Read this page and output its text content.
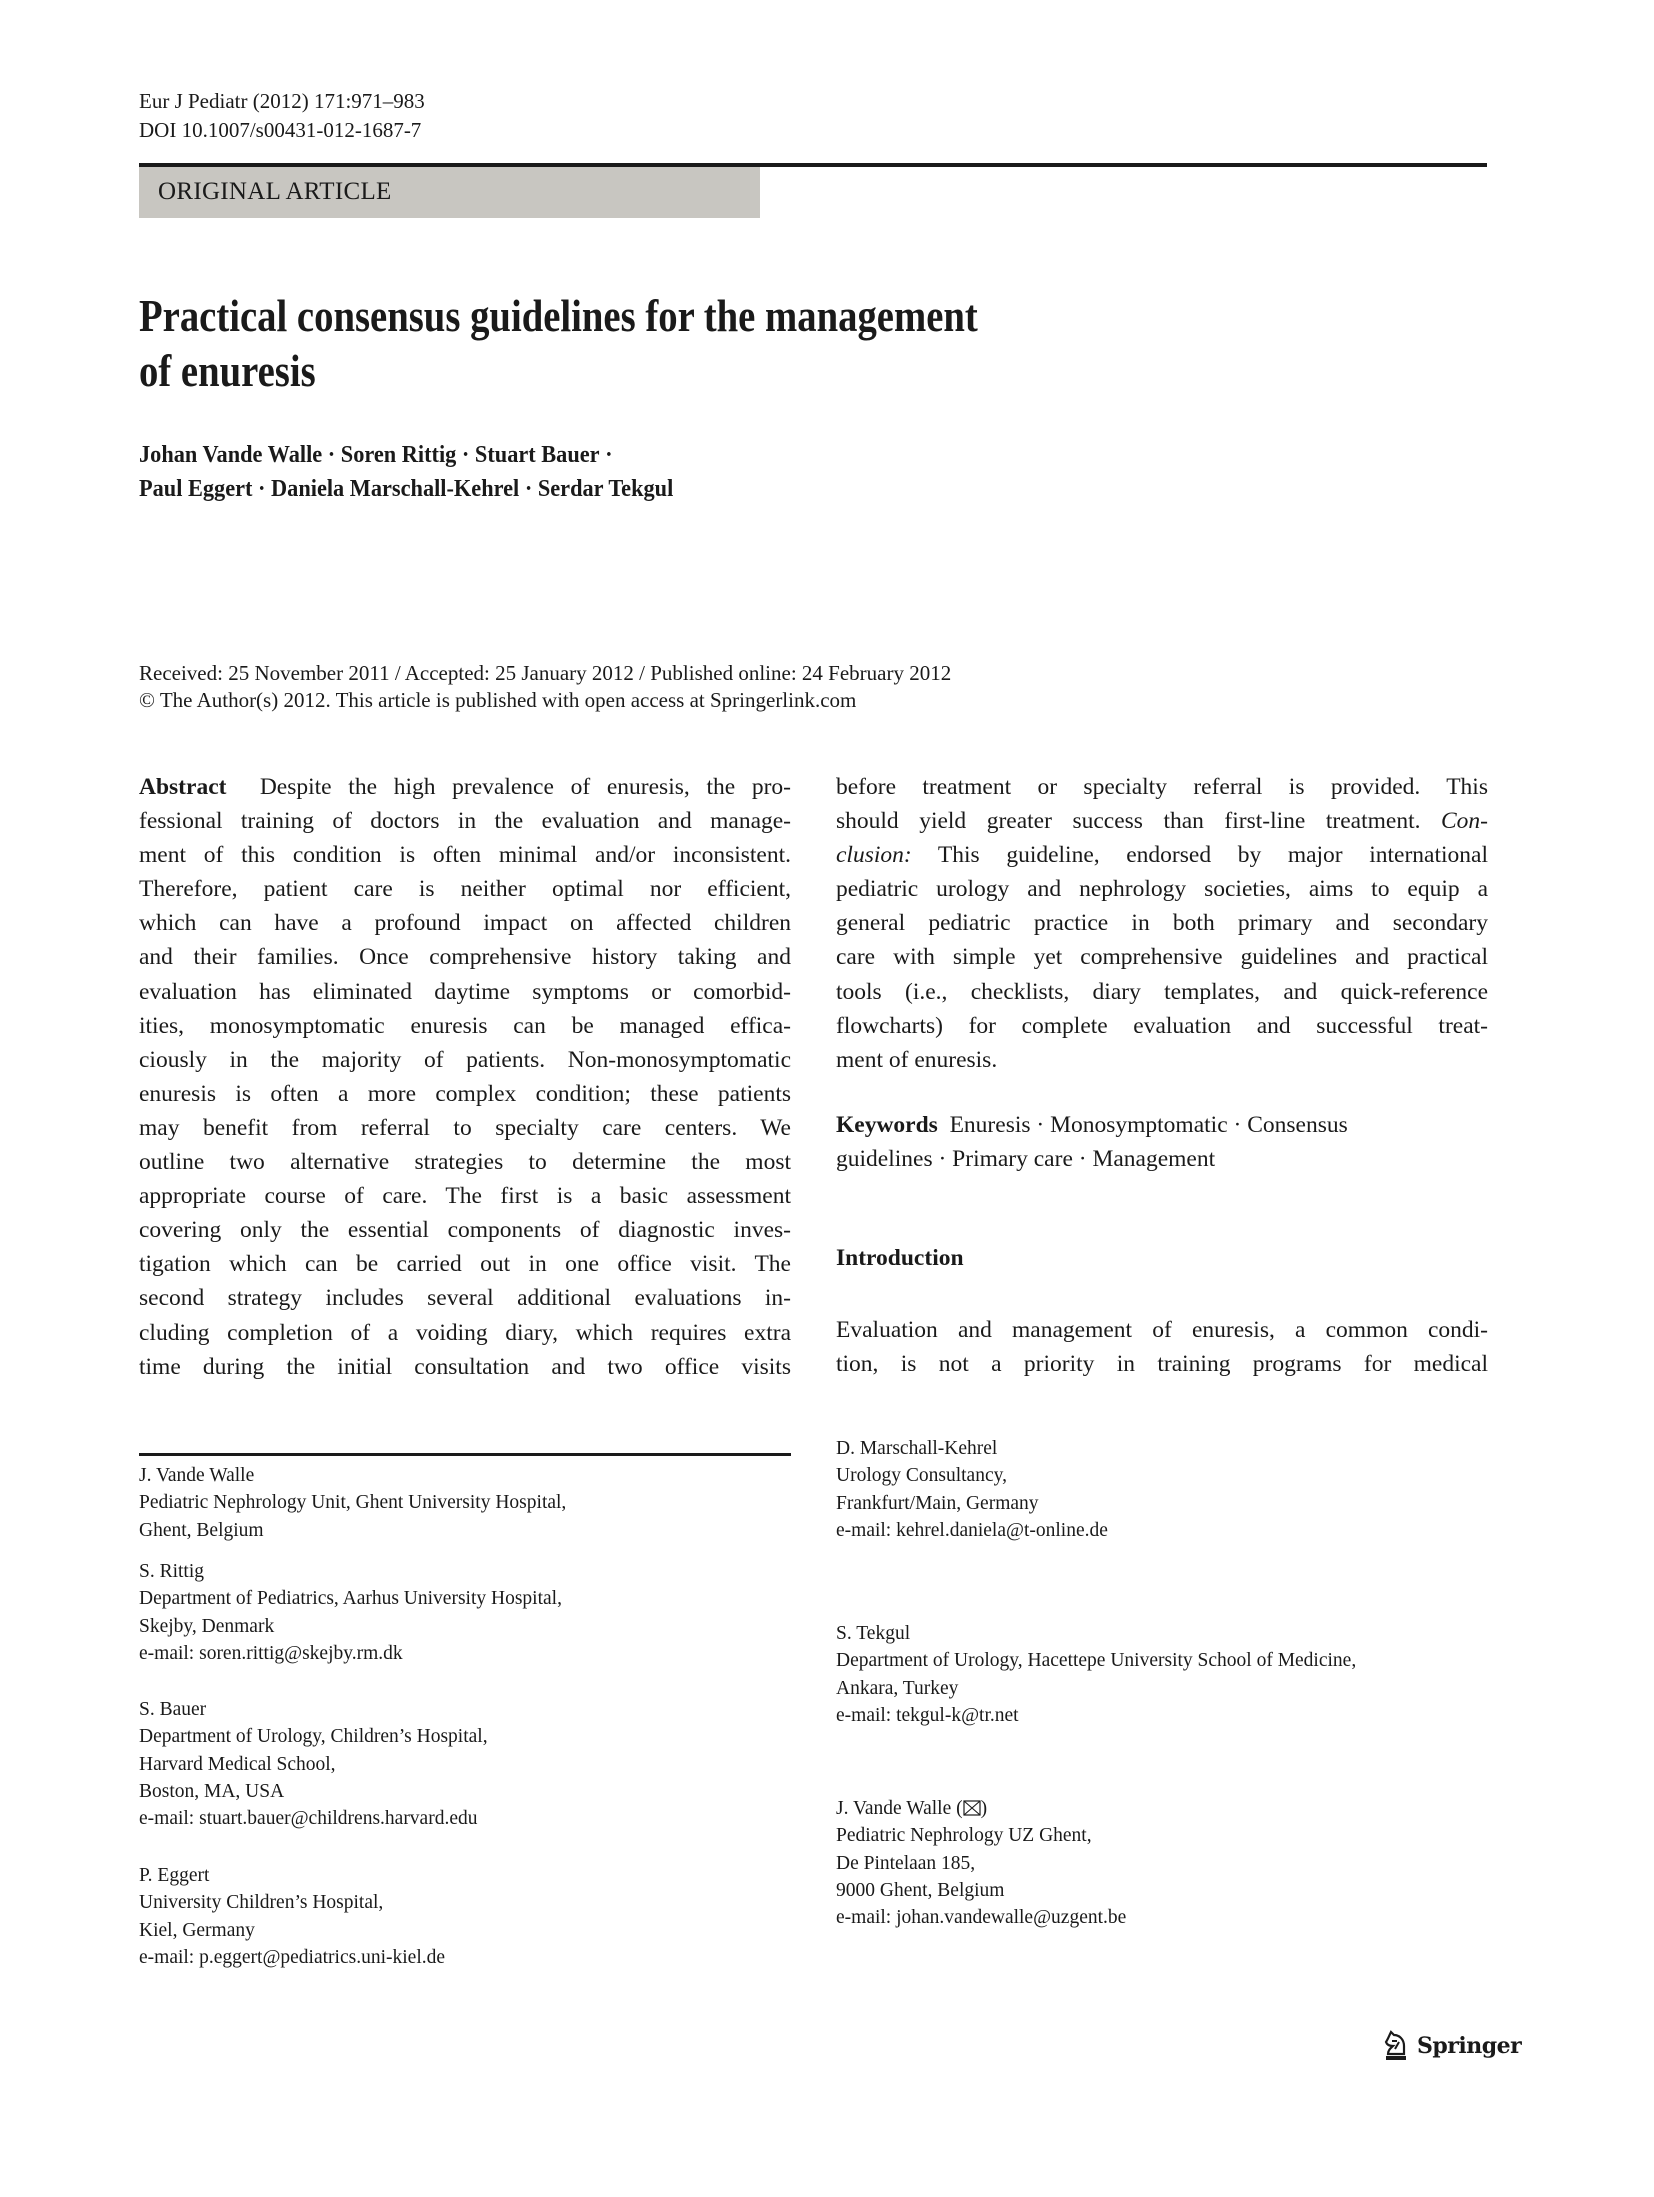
Eur J Pediatr (2012) 171:971–983
DOI 10.1007/s00431-012-1687-7
ORIGINAL ARTICLE
Practical consensus guidelines for the management
of enuresis
Johan Vande Walle · Soren Rittig · Stuart Bauer ·
Paul Eggert · Daniela Marschall-Kehrel · Serdar Tekgul
Received: 25 November 2011 / Accepted: 25 January 2012 / Published online: 24 February 2012
© The Author(s) 2012. This article is published with open access at Springerlink.com
Abstract Despite the high prevalence of enuresis, the pro-
fessional training of doctors in the evaluation and manage-
ment of this condition is often minimal and/or inconsistent.
Therefore, patient care is neither optimal nor efficient,
which can have a profound impact on affected children
and their families. Once comprehensive history taking and
evaluation has eliminated daytime symptoms or comorbid-
ities, monosymptomatic enuresis can be managed effica-
ciously in the majority of patients. Non-monosymptomatic
enuresis is often a more complex condition; these patients
may benefit from referral to specialty care centers. We
outline two alternative strategies to determine the most
appropriate course of care. The first is a basic assessment
covering only the essential components of diagnostic inves-
tigation which can be carried out in one office visit. The
second strategy includes several additional evaluations in-
cluding completion of a voiding diary, which requires extra
time during the initial consultation and two office visits
before treatment or specialty referral is provided. This
should yield greater success than first-line treatment. Con-
clusion: This guideline, endorsed by major international
pediatric urology and nephrology societies, aims to equip a
general pediatric practice in both primary and secondary
care with simple yet comprehensive guidelines and practical
tools (i.e., checklists, diary templates, and quick-reference
flowcharts) for complete evaluation and successful treat-
ment of enuresis.
Keywords Enuresis · Monosymptomatic · Consensus
guidelines · Primary care · Management
Introduction
Evaluation and management of enuresis, a common condi-
tion, is not a priority in training programs for medical
J. Vande Walle
Pediatric Nephrology Unit, Ghent University Hospital,
Ghent, Belgium
S. Rittig
Department of Pediatrics, Aarhus University Hospital,
Skejby, Denmark
e-mail: soren.rittig@skejby.rm.dk
S. Bauer
Department of Urology, Children’s Hospital,
Harvard Medical School,
Boston, MA, USA
e-mail: stuart.bauer@childrens.harvard.edu
P. Eggert
University Children’s Hospital,
Kiel, Germany
e-mail: p.eggert@pediatrics.uni-kiel.de
D. Marschall-Kehrel
Urology Consultancy,
Frankfurt/Main, Germany
e-mail: kehrel.daniela@t-online.de
S. Tekgul
Department of Urology, Hacettepe University School of Medicine,
Ankara, Turkey
e-mail: tekgul-k@tr.net
J. Vande Walle ( )
Pediatric Nephrology UZ Ghent,
De Pintelaan 185,
9000 Ghent, Belgium
e-mail: johan.vandewalle@uzgent.be
Springer
